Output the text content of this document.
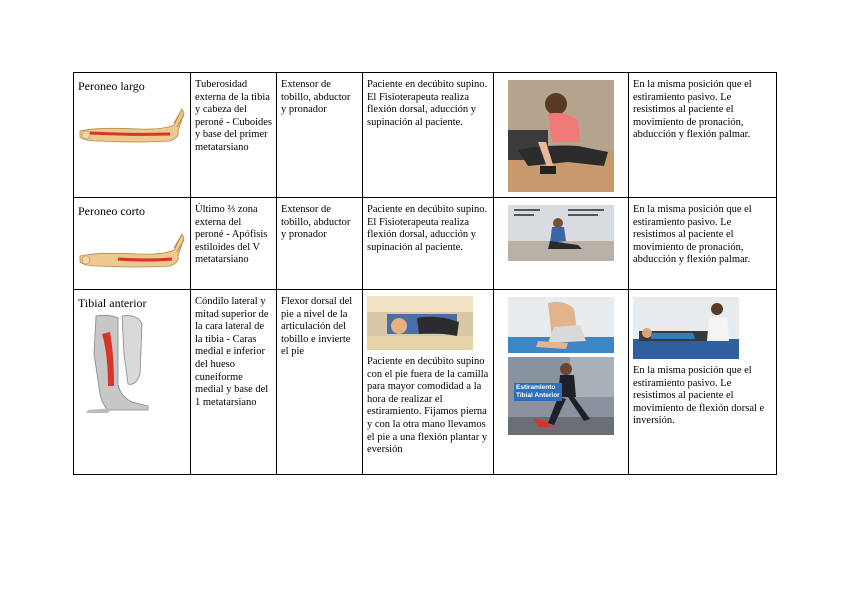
Peroneo largo	Tuberosidad externa de la tibia y cabeza del peroné - Cuboides y base del primer metatarsiano	Extensor de tobillo, abductor y pronador	Paciente en decúbito supino. El Fisioterapeuta realiza flexión dorsal, aducción y supinación al paciente.		En la misma posición que el estiramiento pasivo. Le resistimos al paciente el movimiento de pronación, abducción y flexión palmar.

Peroneo corto	Último ⅔ zona externa del peroné - Apófisis estiloides del V metatarsiano	Extensor de tobillo, abductor y pronador	Paciente en decúbito supino. El Fisioterapeuta realiza flexión dorsal, aducción y supinación al paciente.		En la misma posición que el estiramiento pasivo. Le resistimos al paciente el movimiento de pronación, abducción y flexión palmar.

Tibial anterior	Cóndilo lateral y mitad superior de la cara lateral de la tibia - Caras medial e inferior del hueso cuneiforme medial y base del 1 metatarsiano	Flexor dorsal del pie a nivel de la articulación del tobillo e invierte el pie	Paciente en decúbito supino con el pie fuera de la camilla para mayor comodidad a la hora de realizar el estiramiento. Fijamos pierna y con la otra mano llevamos el pie a una flexión plantar y eversión	Estiramiento Tibial Anterior	En la misma posición que el estiramiento pasivo. Le resistimos al paciente el movimiento de flexión dorsal e inversión.
